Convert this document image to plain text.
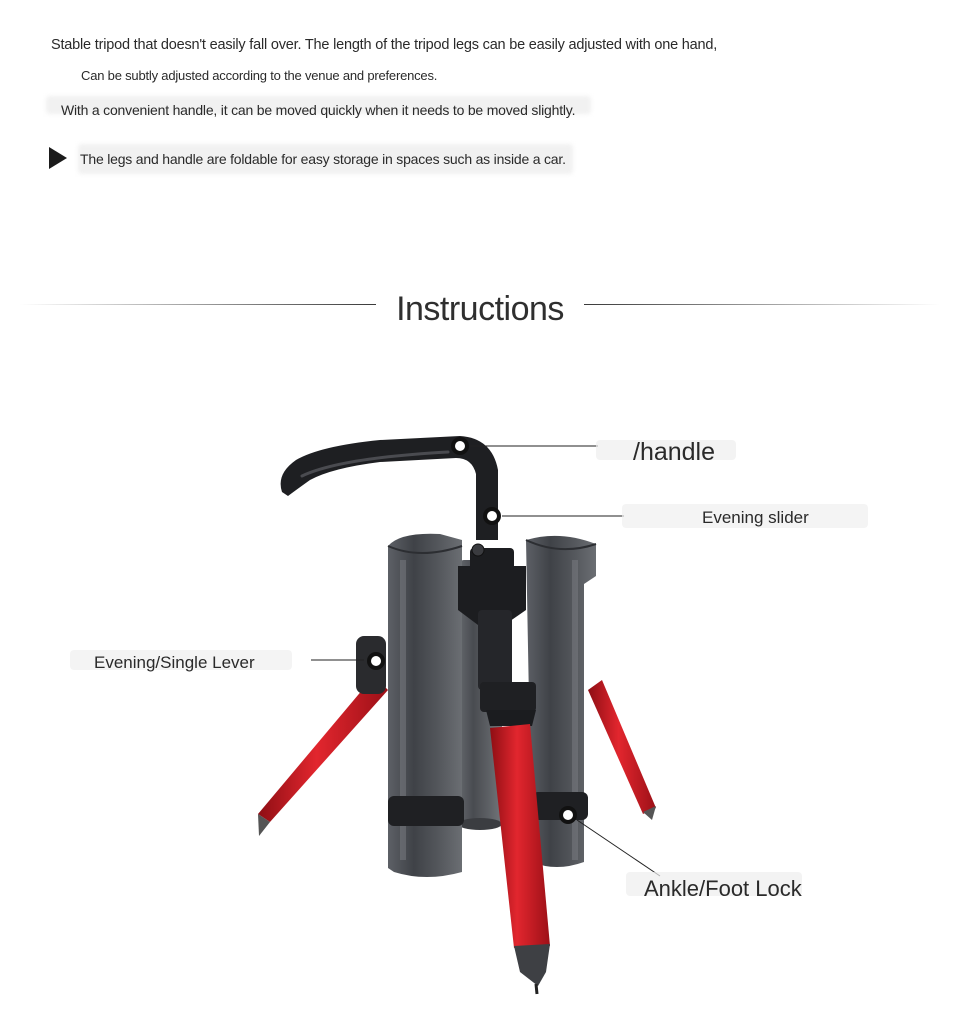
Stable tripod that doesn't easily fall over. The length of the tripod legs can be easily adjusted with one hand,
Can be subtly adjusted according to the venue and preferences.
With a convenient handle, it can be moved quickly when it needs to be moved slightly.
The legs and handle are foldable for easy storage in spaces such as inside a car.
Instructions
/handle
Evening slider
Evening/Single Lever
Ankle/Foot Lock
